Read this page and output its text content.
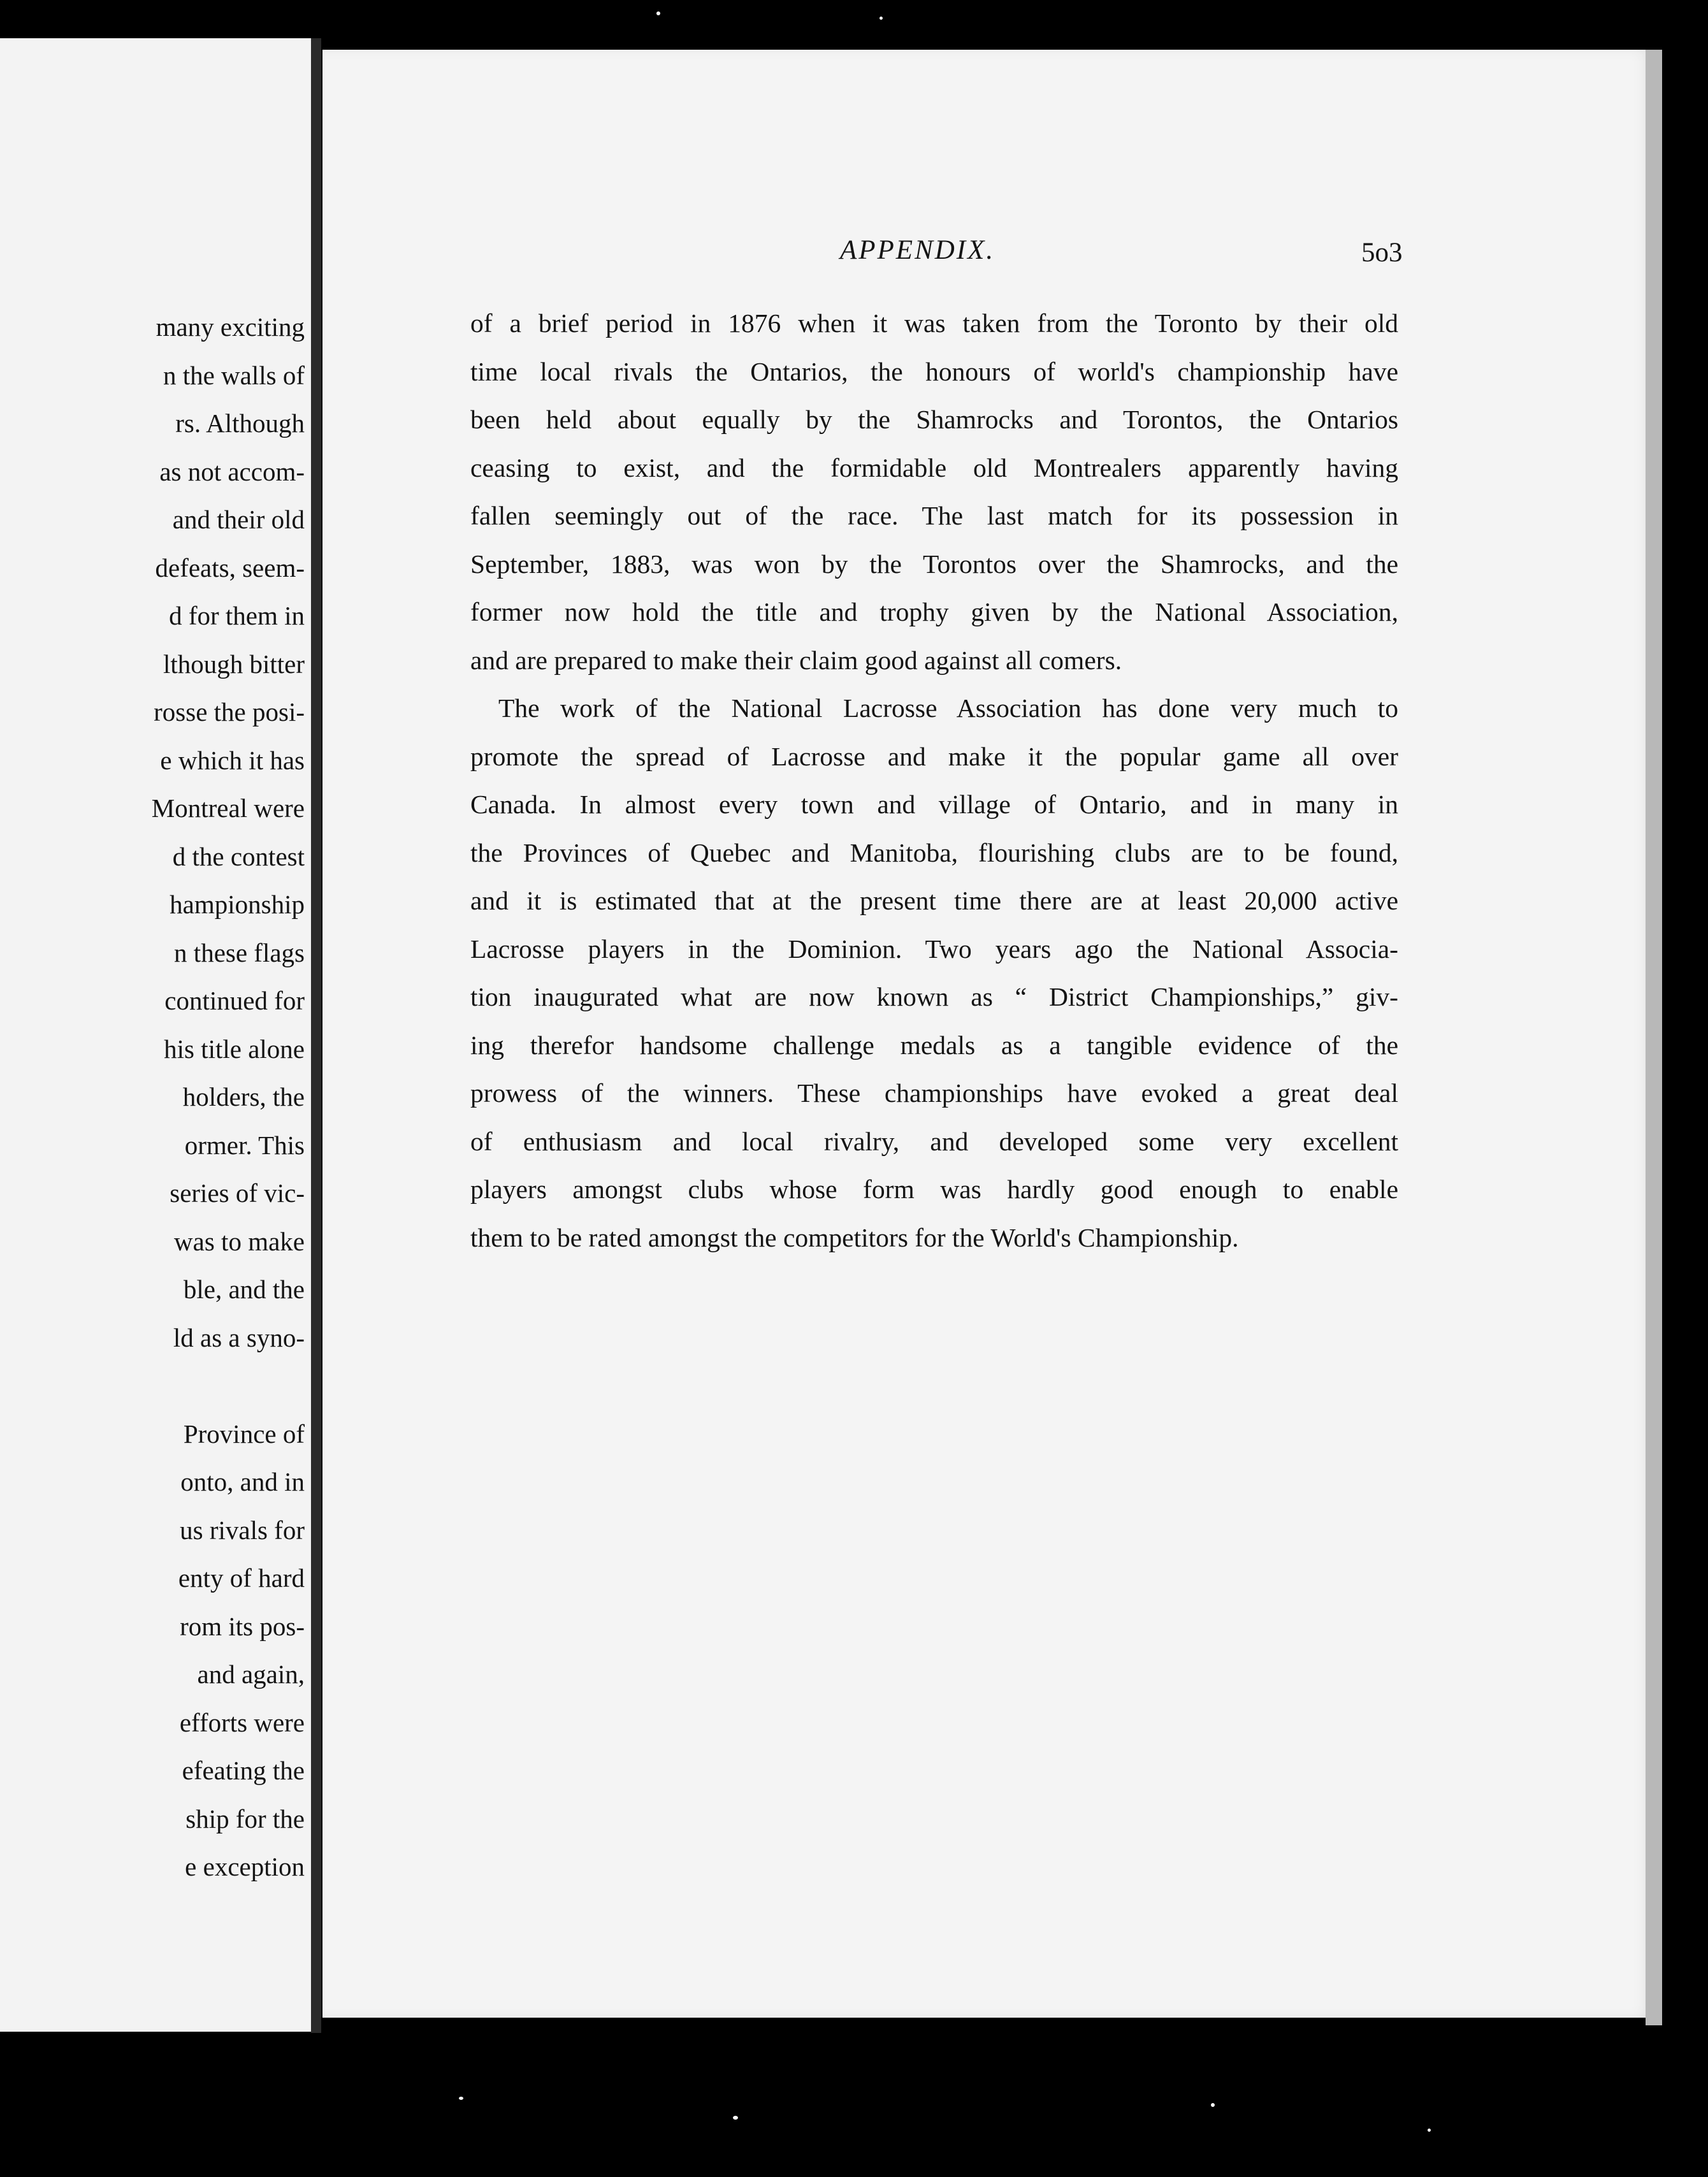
many exciting
n the walls of
rs. Although
as not accom-
and their old
defeats, seem-
d for them in
lthough bitter
rosse the posi-
e which it has
Montreal were
d the contest
hampionship
n these flags
continued for
his title alone
holders, the
ormer. This
series of vic-
was to make
ble, and the
ld as a syno-
Province of
onto, and in
us rivals for
enty of hard
rom its pos-
and again,
efforts were
efeating the
ship for the
e exception
APPENDIX.	5o3
of a brief period in 1876 when it was taken from the Toronto by their old
time local rivals the Ontarios, the honours of world's championship have
been held about equally by the Shamrocks and Torontos, the Ontarios
ceasing to exist, and the formidable old Montrealers apparently having
fallen seemingly out of the race. The last match for its possession in
September, 1883, was won by the Torontos over the Shamrocks, and the
former now hold the title and trophy given by the National Association,
and are prepared to make their claim good against all comers.
The work of the National Lacrosse Association has done very much to
promote the spread of Lacrosse and make it the popular game all over
Canada. In almost every town and village of Ontario, and in many in
the Provinces of Quebec and Manitoba, flourishing clubs are to be found,
and it is estimated that at the present time there are at least 20,000 active
Lacrosse players in the Dominion. Two years ago the National Associa-
tion inaugurated what are now known as “ District Championships,” giv-
ing therefor handsome challenge medals as a tangible evidence of the
prowess of the winners. These championships have evoked a great deal
of enthusiasm and local rivalry, and developed some very excellent
players amongst clubs whose form was hardly good enough to enable
them to be rated amongst the competitors for the World's Championship.
